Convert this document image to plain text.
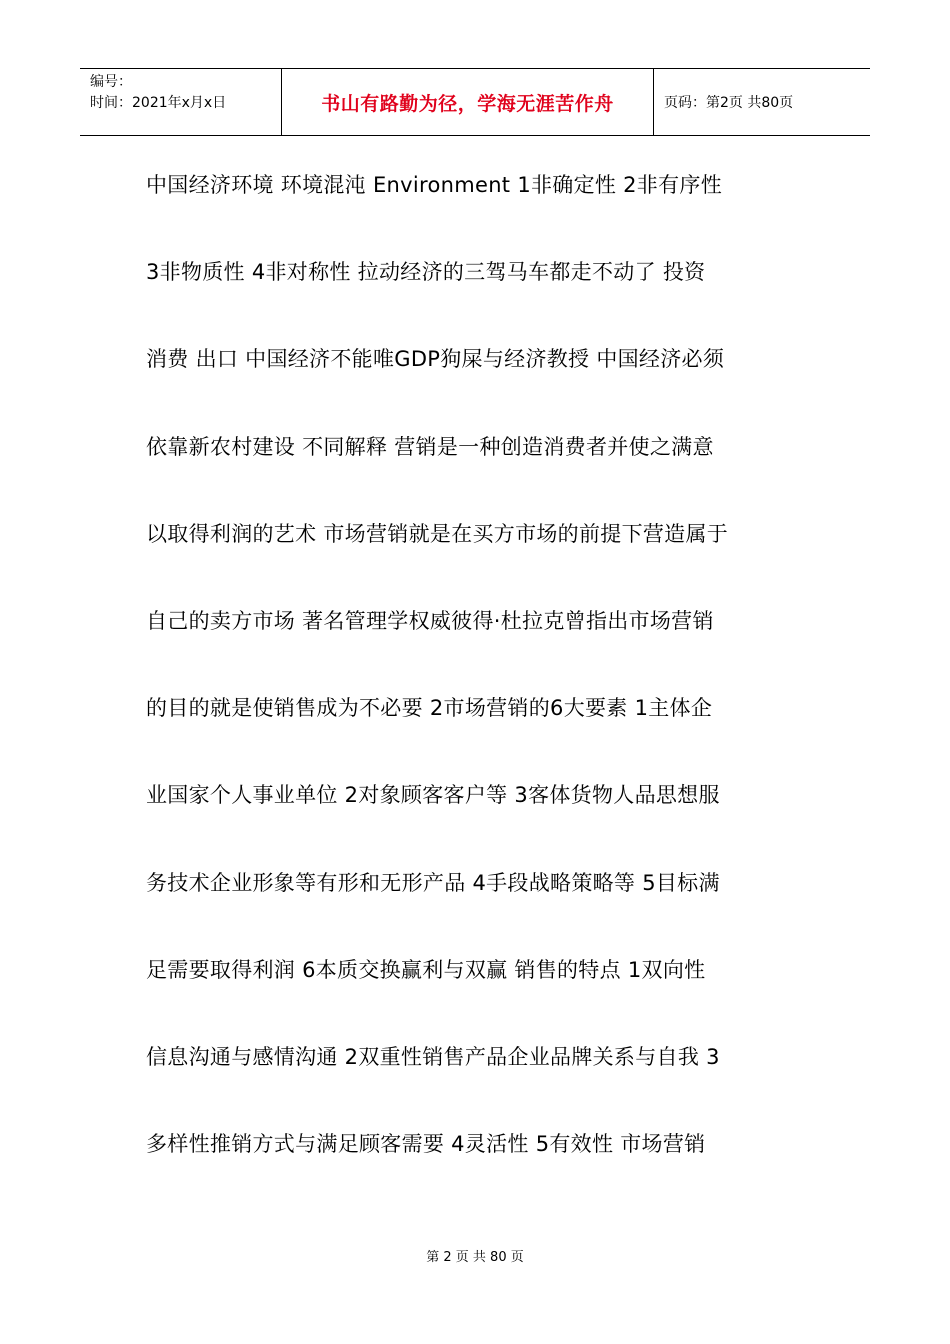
编号：
时间：2021年x月x日	书山有路勤为径，学海无涯苦作舟	页码：第2页 共80页
中国经济环境 环境混沌 Environment 1非确定性 2非有序性
3非物质性 4非对称性 拉动经济的三驾马车都走不动了 投资
消费 出口 中国经济不能唯GDP狗屎与经济教授 中国经济必须
依靠新农村建设 不同解释 营销是一种创造消费者并使之满意
以取得利润的艺术 市场营销就是在买方市场的前提下营造属于
自己的卖方市场 著名管理学权威彼得·杜拉克曾指出市场营销
的目的就是使销售成为不必要 2市场营销的6大要素 1主体企
业国家个人事业单位 2对象顾客客户等 3客体货物人品思想服
务技术企业形象等有形和无形产品 4手段战略策略等 5目标满
足需要取得利润 6本质交换赢利与双赢 销售的特点 1双向性
信息沟通与感情沟通 2双重性销售产品企业品牌关系与自我 3
多样性推销方式与满足顾客需要 4灵活性 5有效性 市场营销
第 2 页 共 80 页
